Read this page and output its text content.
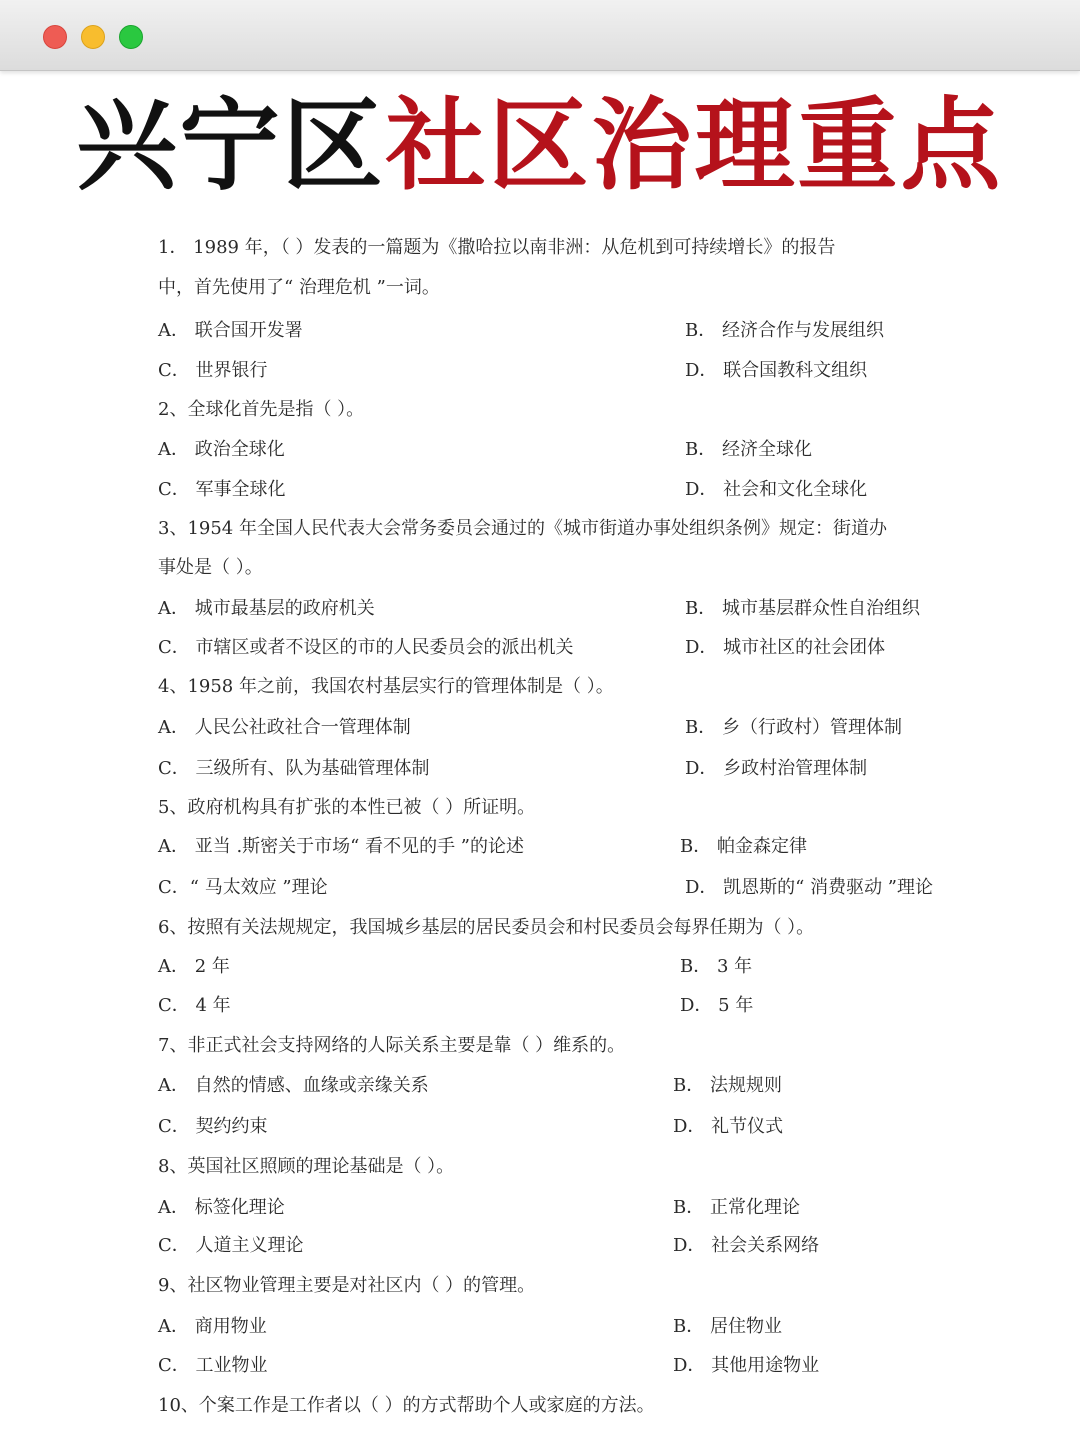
兴宁区社区治理重点
1． 1989 年，（ ）发表的一篇题为《撒哈拉以南非洲：从危机到可持续增长》的报告
中，首先使用了“ 治理危机 ”一词。
A． 联合国开发署	B． 经济合作与发展组织
C． 世界银行	D． 联合国教科文组织
2、全球化首先是指（ ）。
A． 政治全球化	B． 经济全球化
C． 军事全球化	D． 社会和文化全球化
3、1954 年全国人民代表大会常务委员会通过的《城市街道办事处组织条例》规定：街道办
事处是（ ）。
A． 城市最基层的政府机关	B． 城市基层群众性自治组织
C． 市辖区或者不设区的市的人民委员会的派出机关	D． 城市社区的社会团体
4、1958 年之前，我国农村基层实行的管理体制是（ ）。
A． 人民公社政社合一管理体制	B． 乡（行政村）管理体制
C． 三级所有、队为基础管理体制	D． 乡政村治管理体制
5、政府机构具有扩张的本性已被（ ）所证明。
A． 亚当 .斯密关于市场“ 看不见的手 ”的论述	B． 帕金森定律
C．“ 马太效应 ”理论	D． 凯恩斯的“ 消费驱动 ”理论
6、按照有关法规规定，我国城乡基层的居民委员会和村民委员会每界任期为（ ）。
A． 2 年	B． 3 年
C． 4 年	D． 5 年
7、非正式社会支持网络的人际关系主要是靠（ ）维系的。
A． 自然的情感、血缘或亲缘关系	B． 法规规则
C． 契约约束	D． 礼节仪式
8、英国社区照顾的理论基础是（ ）。
A． 标签化理论	B． 正常化理论
C． 人道主义理论	D． 社会关系网络
9、社区物业管理主要是对社区内（ ）的管理。
A． 商用物业	B． 居住物业
C． 工业物业	D． 其他用途物业
10、个案工作是工作者以（ ）的方式帮助个人或家庭的方法。
